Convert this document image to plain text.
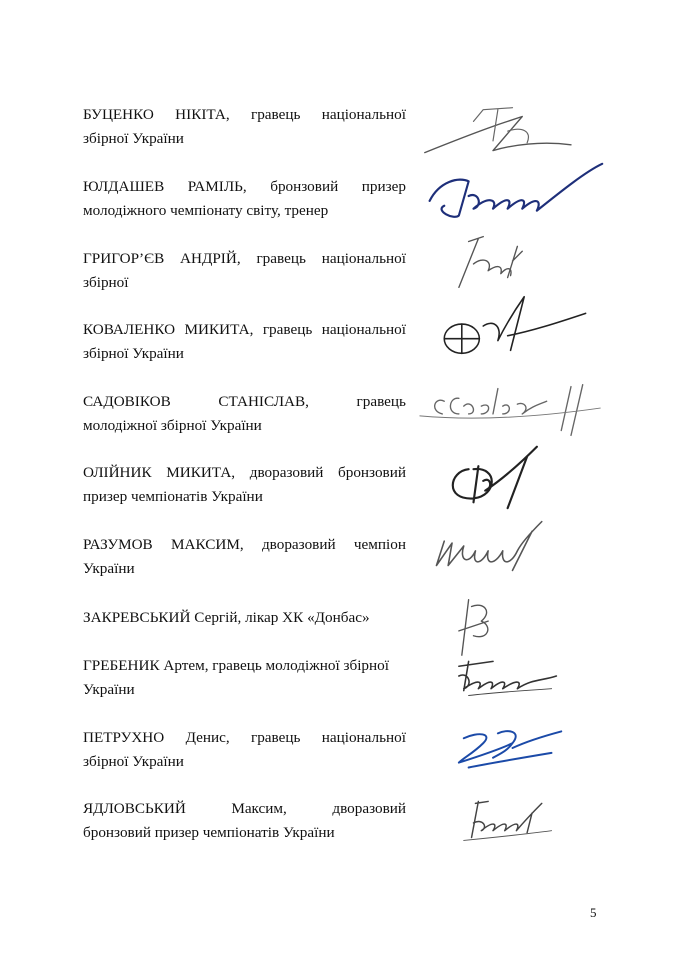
БУЦЕНКО НІКІТА, гравець національної
збірної України
ЮЛДАШЕВ РАМІЛЬ, бронзовий призер
молодіжного чемпіонату світу, тренер
ГРИГОР’ЄВ АНДРІЙ, гравець національної
збірної
КОВАЛЕНКО МИКИТА, гравець національної
збірної України
САДОВІКОВ	СТАНІСЛАВ,	гравець
молодіжної збірної України
ОЛІЙНИК МИКИТА, дворазовий бронзовий
призер чемпіонатів України
РАЗУМОВ МАКСИМ, дворазовий чемпіон
України
ЗАКРЕВСЬКИЙ Сергій, лікар ХК «Донбас»
ГРЕБЕНИК Артем, гравець молодіжної збірної
України
ПЕТРУХНО Денис, гравець національної
збірної України
ЯДЛОВСЬКИЙ	Максим,	дворазовий
бронзовий призер чемпіонатів України
5
